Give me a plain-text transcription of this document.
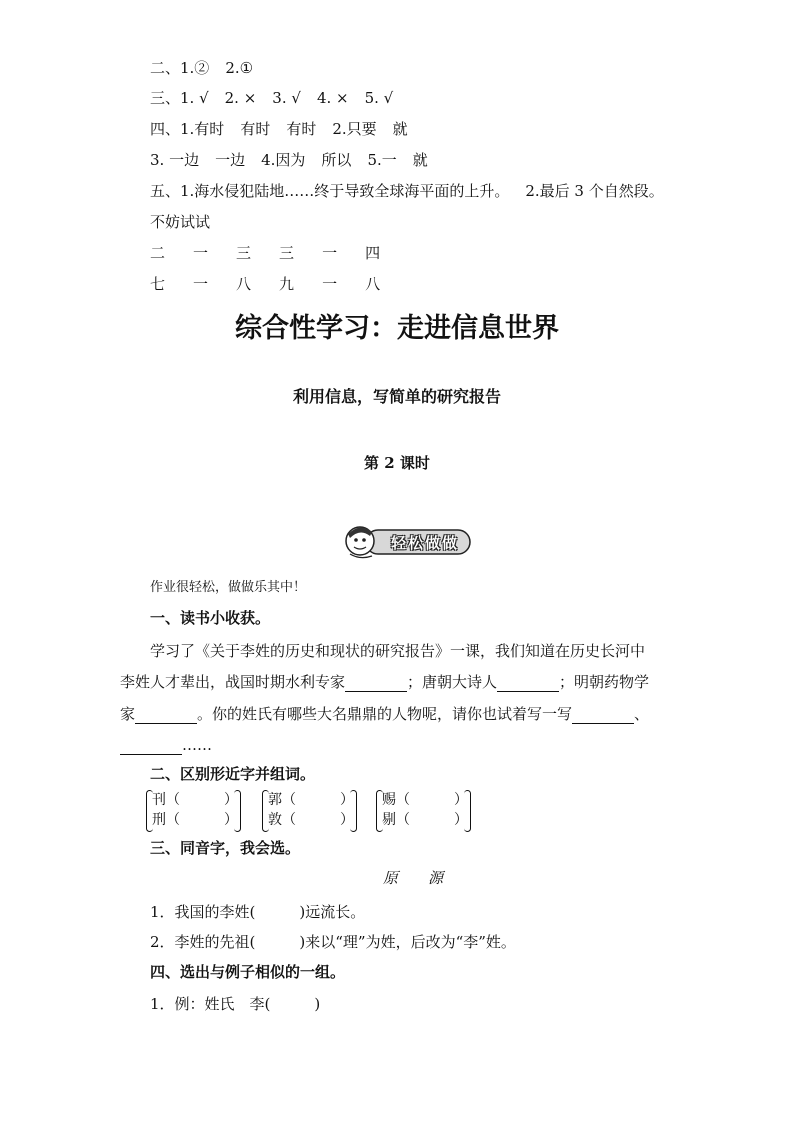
二、1.② 2.①
三、1. √ 2. × 3. √ 4. × 5. √
四、1.有时 有时 有时 2.只要 就
3. 一边 一边 4.因为 所以 5.一 就
五、1.海水侵犯陆地……终于导致全球海平面的上升。 2.最后 3 个自然段。
不妨试试
二 一 三 三 一 四
七 一 八 九 一 八
综合性学习：走进信息世界
利用信息，写简单的研究报告
第 2 课时
轻松做做
作业很轻松，做做乐其中！
一、读书小收获。
学习了《关于李姓的历史和现状的研究报告》一课，我们知道在历史长河中
李姓人才辈出，战国时期水利专家	；唐朝大诗人	；明朝药物学
家	。你的姓氏有哪些大名鼎鼎的人物呢，请你也试着写一写	、
……
二、区别形近字并组词。
刊（	）
刑（	）
郭（	）
敦（	）
赐（	）
剔（	）
三、同音字，我会选。
原 源
1．我国的李姓(	)远流长。
2．李姓的先祖(	)来以“理”为姓，后改为“李”姓。
四、选出与例子相似的一组。
1．例：姓氏　李(	)
